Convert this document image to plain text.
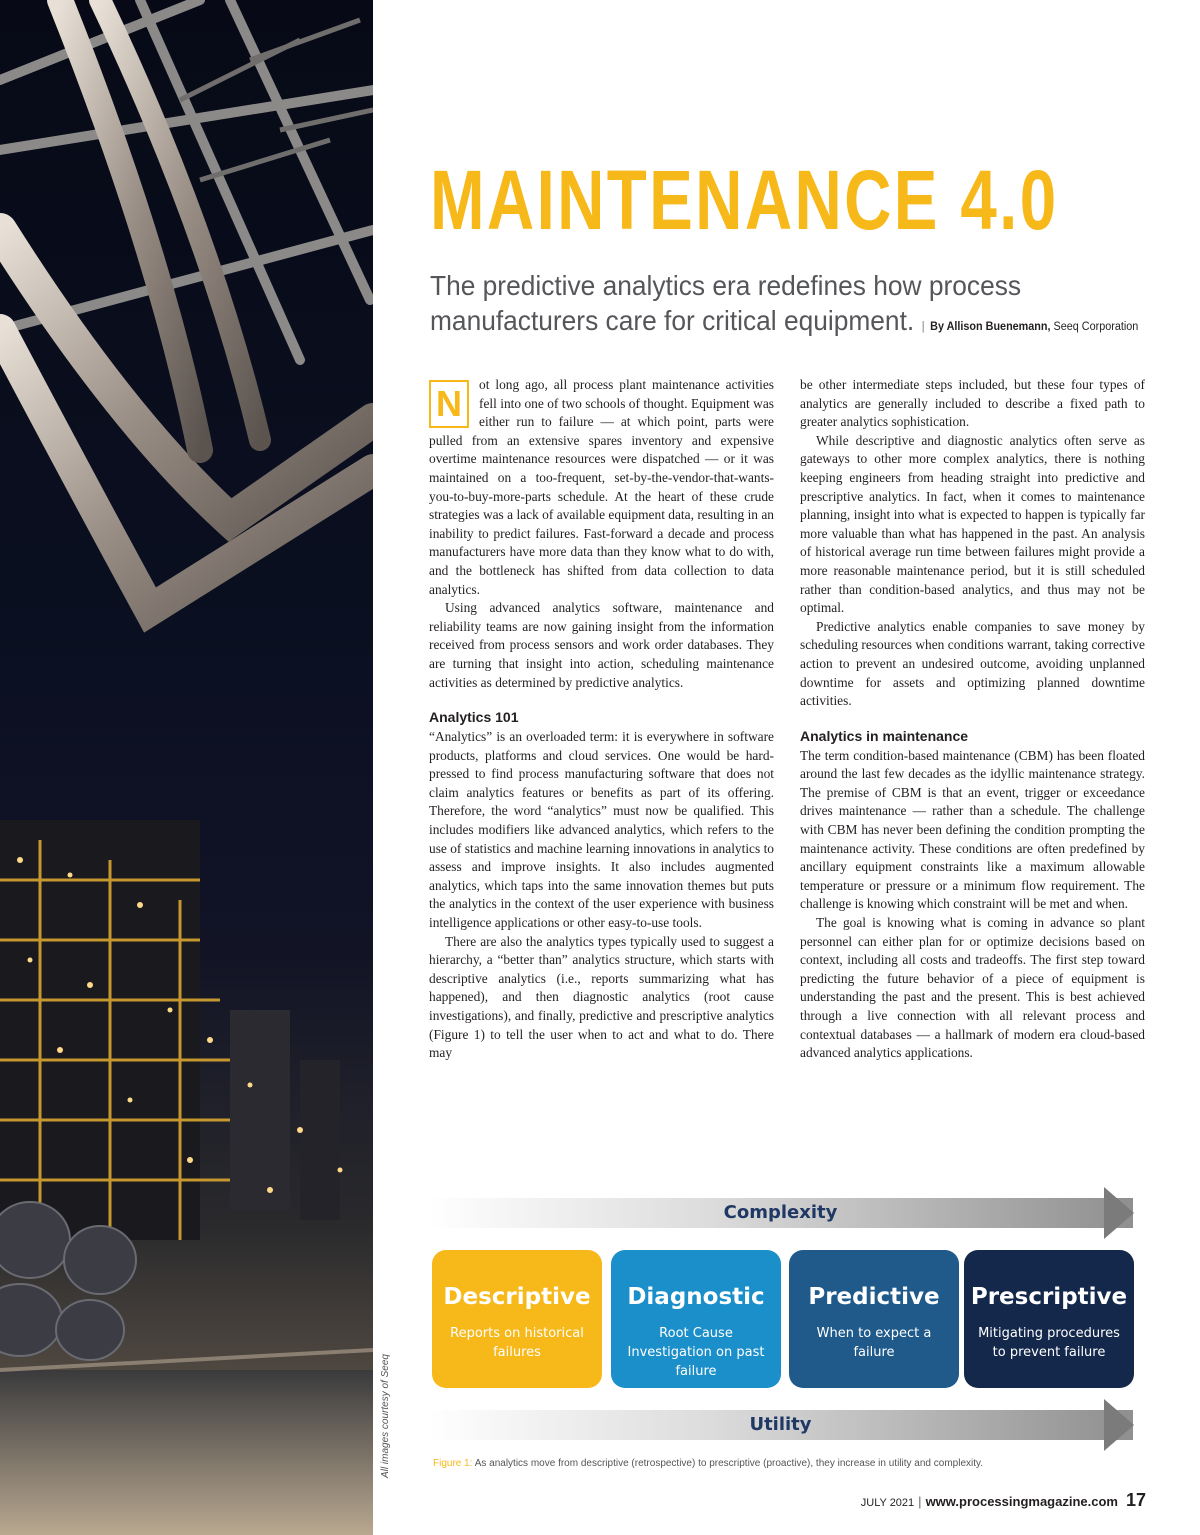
All images courtesy of Seeq
MAINTENANCE 4.0
The predictive analytics era redefines how process
manufacturers care for critical equipment. | By Allison Buenemann, Seeq Corporation
N	ot long ago, all process plant maintenance activities fell into one of two schools of thought. Equipment was either run to failure — at which point, parts were pulled from an extensive spares inventory and expensive overtime maintenance resources were dispatched — or it was maintained on a too-frequent, set-by-the-vendor-that-wants-you-to-buy-more-parts schedule. At the heart of these crude strategies was a lack of available equipment data, resulting in an inability to predict failures. Fast-forward a decade and process manufacturers have more data than they know what to do with, and the bottleneck has shifted from data collection to data analytics.

Using advanced analytics software, maintenance and reliability teams are now gaining insight from the information received from process sensors and work order databases. They are turning that insight into action, scheduling maintenance activities as determined by predictive analytics.

Analytics 101

“Analytics” is an overloaded term: it is everywhere in software products, platforms and cloud services. One would be hard-pressed to find process manufacturing software that does not claim analytics features or benefits as part of its offering. Therefore, the word “analytics” must now be qualified. This includes modifiers like advanced analytics, which refers to the use of statistics and machine learning innovations in analytics to assess and improve insights. It also includes augmented analytics, which taps into the same innovation themes but puts the analytics in the context of the user experience with business intelligence applications or other easy-to-use tools.

There are also the analytics types typically used to suggest a hierarchy, a “better than” analytics structure, which starts with descriptive analytics (i.e., reports summarizing what has happened), and then diagnostic analytics (root cause investigations), and finally, predictive and prescriptive analytics (Figure 1) to tell the user when to act and what to do. There may

be other intermediate steps included, but these four types of analytics are generally included to describe a fixed path to greater analytics sophistication.

While descriptive and diagnostic analytics often serve as gateways to other more complex analytics, there is nothing keeping engineers from heading straight into predictive and prescriptive analytics. In fact, when it comes to maintenance planning, insight into what is expected to happen is typically far more valuable than what has happened in the past. An analysis of historical average run time between failures might provide a more reasonable maintenance period, but it is still scheduled rather than condition-based analytics, and thus may not be optimal.

Predictive analytics enable companies to save money by scheduling resources when conditions warrant, taking corrective action to prevent an undesired outcome, avoiding unplanned downtime for assets and optimizing planned downtime activities.

Analytics in maintenance

The term condition-based maintenance (CBM) has been floated around the last few decades as the idyllic maintenance strategy. The premise of CBM is that an event, trigger or exceedance drives maintenance — rather than a schedule. The challenge with CBM has never been defining the condition prompting the maintenance activity. These conditions are often predefined by ancillary equipment constraints like a maximum allowable temperature or pressure or a minimum flow requirement. The challenge is knowing which constraint will be met and when.

The goal is knowing what is coming in advance so plant personnel can either plan for or optimize decisions based on context, including all costs and tradeoffs. The first step toward predicting the future behavior of a piece of equipment is understanding the past and the present. This is best achieved through a live connection with all relevant process and contextual databases — a hallmark of modern era cloud-based advanced analytics applications.

Complexity
Descriptive
Reports on historical failures
Diagnostic
Root Cause Investigation on past failure
Predictive
When to expect a failure
Prescriptive
Mitigating procedures to prevent failure
Utility
Figure 1: As analytics move from descriptive (retrospective) to prescriptive (proactive), they increase in utility and complexity.
JULY 2021 | www.processingmagazine.com 17
